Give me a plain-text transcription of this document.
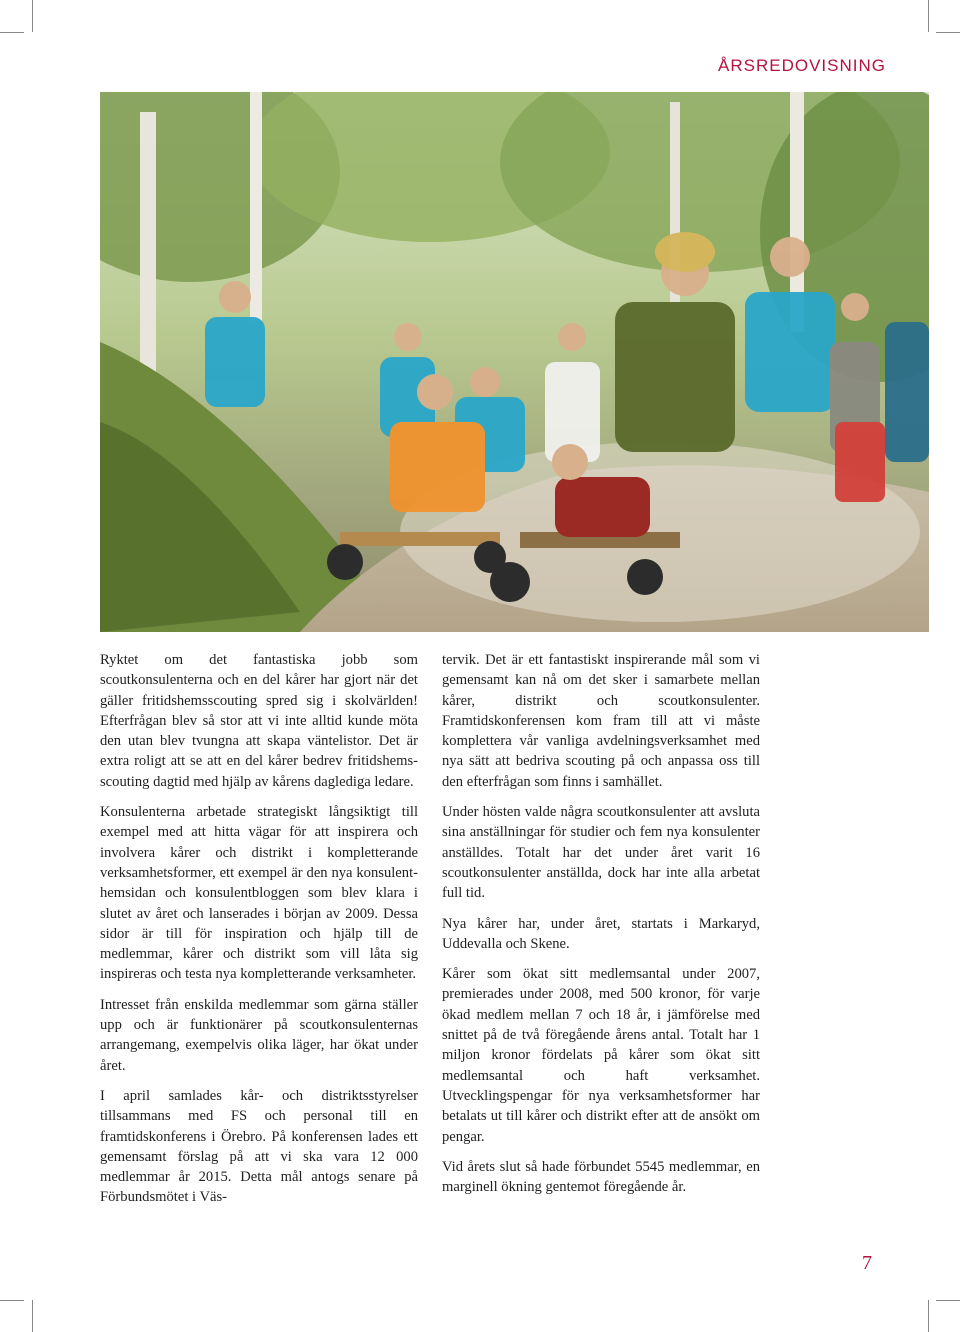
ÅRSREDOVISNING

Ryktet om det fantastiska jobb som scoutkonsulenterna och en del kårer har gjort när det gäller fritidshemsscouting spred sig i skolvärlden! Efterfrågan blev så stor att vi inte alltid kunde möta den utan blev tvungna att skapa väntelistor. Det är extra roligt att se att en del kårer bedrev fritidshems-scouting dagtid med hjälp av kårens dagledigа ledare.

Konsulenterna arbetade strategiskt långsiktigt till exempel med att hitta vägar för att inspirera och involvera kårer och distrikt i kompletterande verksamhetsformer, ett exempel är den nya konsulent-hemsidan och konsulentbloggen som blev klara i slutet av året och lanserades i början av 2009. Dessa sidor är till för inspiration och hjälp till de medlemmar, kårer och distrikt som vill låta sig inspireras och testa nya kompletterande verksamheter.

Intresset från enskilda medlemmar som gärna ställer upp och är funktionärer på scoutkonsulenternas arrangemang, exempelvis olika läger, har ökat under året.

I april samlades kår- och distriktsstyrelser tillsammans med FS och personal till en framtidskonferens i Örebro. På konferensen lades ett gemensamt förslag på att vi ska vara 12 000 medlemmar år 2015. Detta mål antogs senare på Förbundsmötet i Väs-

tervik. Det är ett fantastiskt inspirerande mål som vi gemensamt kan nå om det sker i samarbete mellan kårer, distrikt och scoutkonsulenter. Framtidskonferensen kom fram till att vi måste komplettera vår vanliga avdelningsverksamhet med nya sätt att bedriva scouting på och anpassa oss till den efterfrågan som finns i samhället.

Under hösten valde några scoutkonsulenter att avsluta sina anställningar för studier och fem nya konsulenter anställdes. Totalt har det under året varit 16 scoutkonsulenter anställda, dock har inte alla arbetat full tid.

Nya kårer har, under året, startats i Markaryd, Uddevalla och Skene.

Kårer som ökat sitt medlemsantal under 2007, premierades under 2008, med 500 kronor, för varje ökad medlem mellan 7 och 18 år, i jämförelse med snittet på de två föregående årens antal. Totalt har 1 miljon kronor fördelats på kårer som ökat sitt medlemsantal och haft verksamhet. Utvecklingspengar för nya verksamhetsformer har betalats ut till kårer och distrikt efter att de ansökt om pengar.

Vid årets slut så hade förbundet 5545 medlemmar, en marginell ökning gentemot föregående år.

7
